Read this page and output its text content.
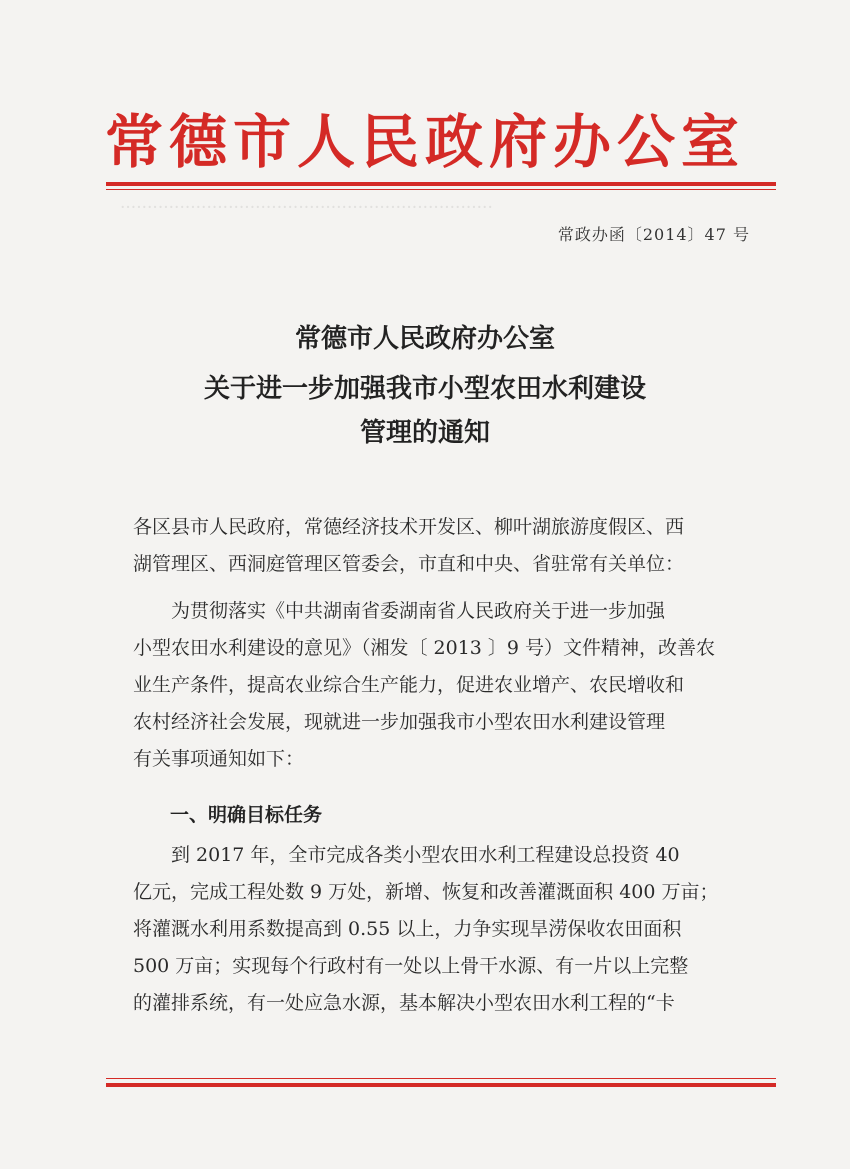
常德市人民政府办公室
·····································································
常政办函〔2014〕47 号
常德市人民政府办公室
关于进一步加强我市小型农田水利建设
管理的通知
各区县市人民政府，常德经济技术开发区、柳叶湖旅游度假区、西
湖管理区、西洞庭管理区管委会，市直和中央、省驻常有关单位：
为贯彻落实《中共湖南省委湖南省人民政府关于进一步加强
小型农田水利建设的意见》（湘发〔 2013 〕9 号）文件精神，改善农
业生产条件，提高农业综合生产能力，促进农业增产、农民增收和
农村经济社会发展，现就进一步加强我市小型农田水利建设管理
有关事项通知如下：
一、明确目标任务
到 2017 年，全市完成各类小型农田水利工程建设总投资 40
亿元，完成工程处数 9 万处，新增、恢复和改善灌溉面积 400 万亩；
将灌溉水利用系数提高到 0.55 以上，力争实现旱涝保收农田面积
500 万亩；实现每个行政村有一处以上骨干水源、有一片以上完整
的灌排系统，有一处应急水源，基本解决小型农田水利工程的“卡
